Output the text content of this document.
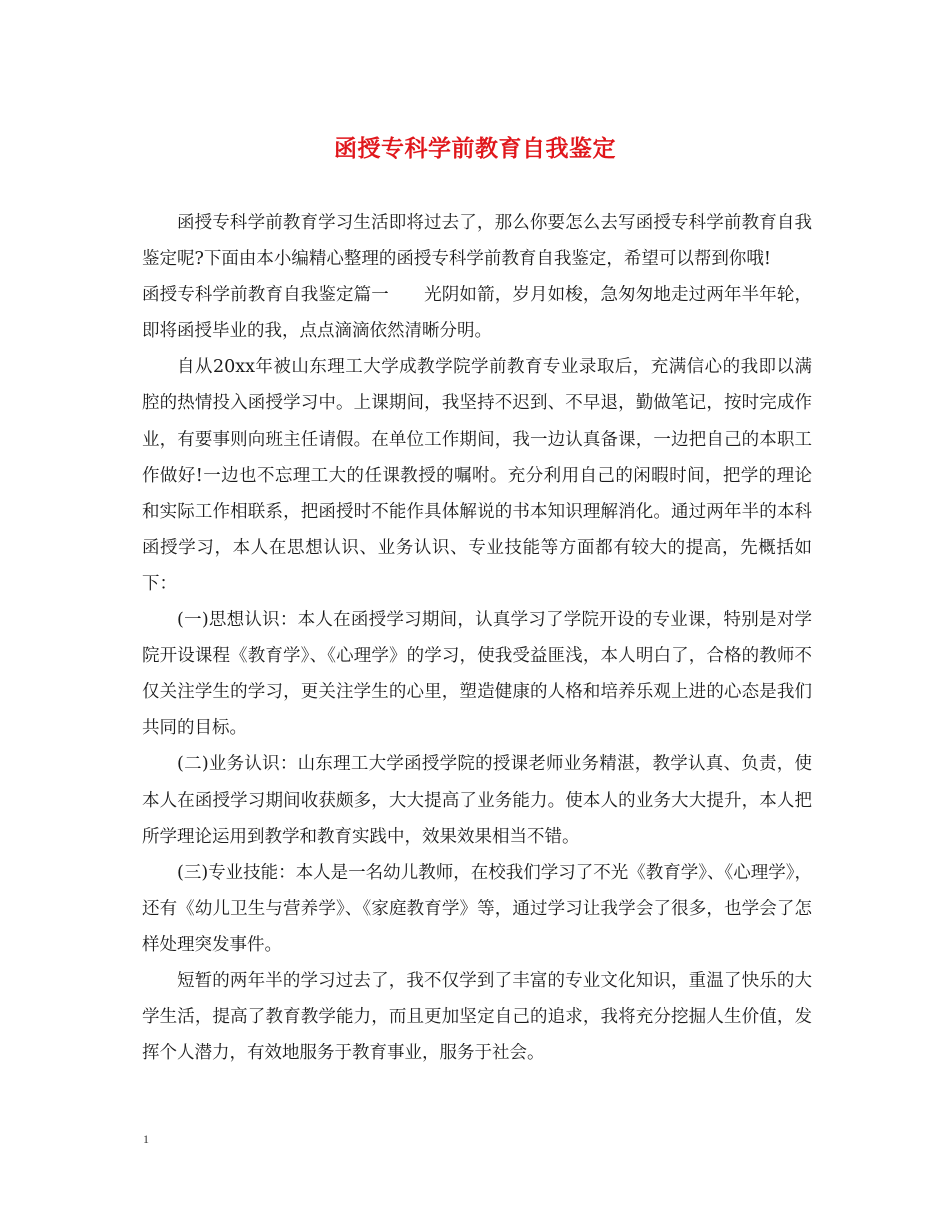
函授专科学前教育自我鉴定

函授专科学前教育学习生活即将过去了，那么你要怎么去写函授专科学前教育自我鉴定呢?下面由本小编精心整理的函授专科学前教育自我鉴定，希望可以帮到你哦!

函授专科学前教育自我鉴定篇一　　光阴如箭，岁月如梭，急匆匆地走过两年半年轮，即将函授毕业的我，点点滴滴依然清晰分明。

自从20xx年被山东理工大学成教学院学前教育专业录取后，充满信心的我即以满腔的热情投入函授学习中。上课期间，我坚持不迟到、不早退，勤做笔记，按时完成作业，有要事则向班主任请假。在单位工作期间，我一边认真备课，一边把自己的本职工作做好!一边也不忘理工大的任课教授的嘱咐。充分利用自己的闲暇时间，把学的理论和实际工作相联系，把函授时不能作具体解说的书本知识理解消化。通过两年半的本科函授学习，本人在思想认识、业务认识、专业技能等方面都有较大的提高，先概括如下：

(一)思想认识：本人在函授学习期间，认真学习了学院开设的专业课，特别是对学院开设课程《教育学》、《心理学》的学习，使我受益匪浅，本人明白了，合格的教师不仅关注学生的学习，更关注学生的心里，塑造健康的人格和培养乐观上进的心态是我们共同的目标。

(二)业务认识：山东理工大学函授学院的授课老师业务精湛，教学认真、负责，使本人在函授学习期间收获颇多，大大提高了业务能力。使本人的业务大大提升，本人把所学理论运用到教学和教育实践中，效果效果相当不错。

(三)专业技能：本人是一名幼儿教师，在校我们学习了不光《教育学》、《心理学》，还有《幼儿卫生与营养学》、《家庭教育学》等，通过学习让我学会了很多，也学会了怎样处理突发事件。

短暂的两年半的学习过去了，我不仅学到了丰富的专业文化知识，重温了快乐的大学生活，提高了教育教学能力，而且更加坚定自己的追求，我将充分挖掘人生价值，发挥个人潜力，有效地服务于教育事业，服务于社会。

1
